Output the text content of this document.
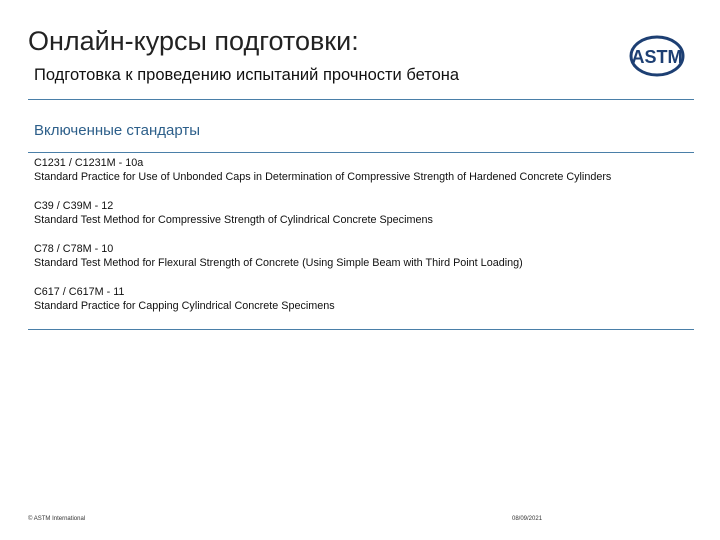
Онлайн-курсы подготовки:
Подготовка к проведению испытаний прочности бетона
ASTM
Включенные стандарты
C1231 / C1231M - 10a
Standard Practice for Use of Unbonded Caps in Determination of Compressive Strength of Hardened Concrete Cylinders
C39 / C39M - 12
Standard Test Method for Compressive Strength of Cylindrical Concrete Specimens
C78 / C78M - 10
Standard Test Method for Flexural Strength of Concrete (Using Simple Beam with Third Point Loading)
C617 / C617M - 11
Standard Practice for Capping Cylindrical Concrete Specimens
© ASTM International	08/09/2021
